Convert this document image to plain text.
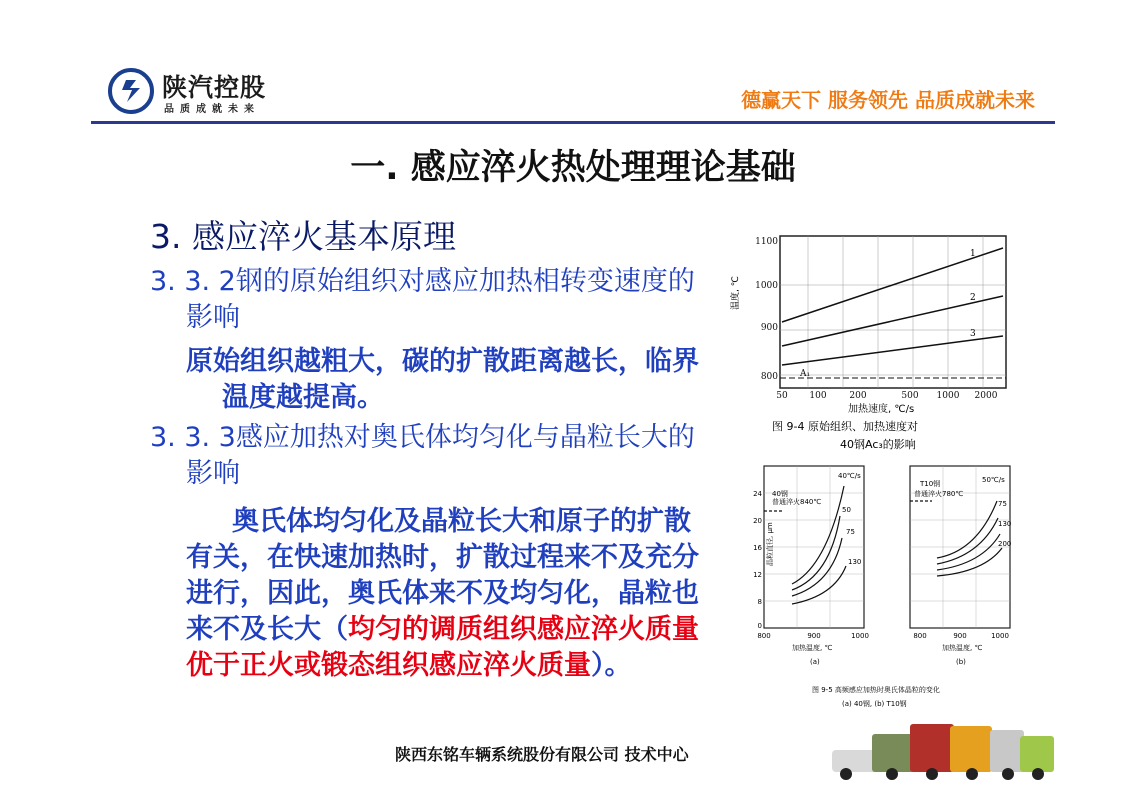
陕汽控股
品质成就未来	德赢天下 服务领先 品质成就未来
一. 感应淬火热处理理论基础
3. 感应淬火基本原理
3. 3. 2钢的原始组织对感应加热相转变速度的影响
原始组织越粗大，碳的扩散距离越长，临界温度越提高。
3. 3. 3感应加热对奥氏体均匀化与晶粒长大的影响
奥氏体均匀化及晶粒长大和原子的扩散有关，在快速加热时，扩散过程来不及充分进行，因此，奥氏体来不及均匀化，晶粒也来不及长大（均匀的调质组织感应淬火质量优于正火或锻态组织感应淬火质量）。
A₁
1
2
3
1100
1000
900
800
50 100	200	500 1000 2000
温度, ℃
加热速度, ℃/s
图 9-4 原始组织、加热速度对
40钢Ac₃的影响
40钢
普通淬火840℃
40℃/s
50
75
130
24
20
16
12
8
0
800	900	1000
晶粒直径, μm
加热温度, ℃
(a)
T10钢
普通淬火780℃
50℃/s
75
130
200
800	900	1000
加热温度, ℃
(b)
图 9-5 高频感应加热时奥氏体晶粒的变化
(a) 40钢, (b) T10钢
陕西东铭车辆系统股份有限公司 技术中心
